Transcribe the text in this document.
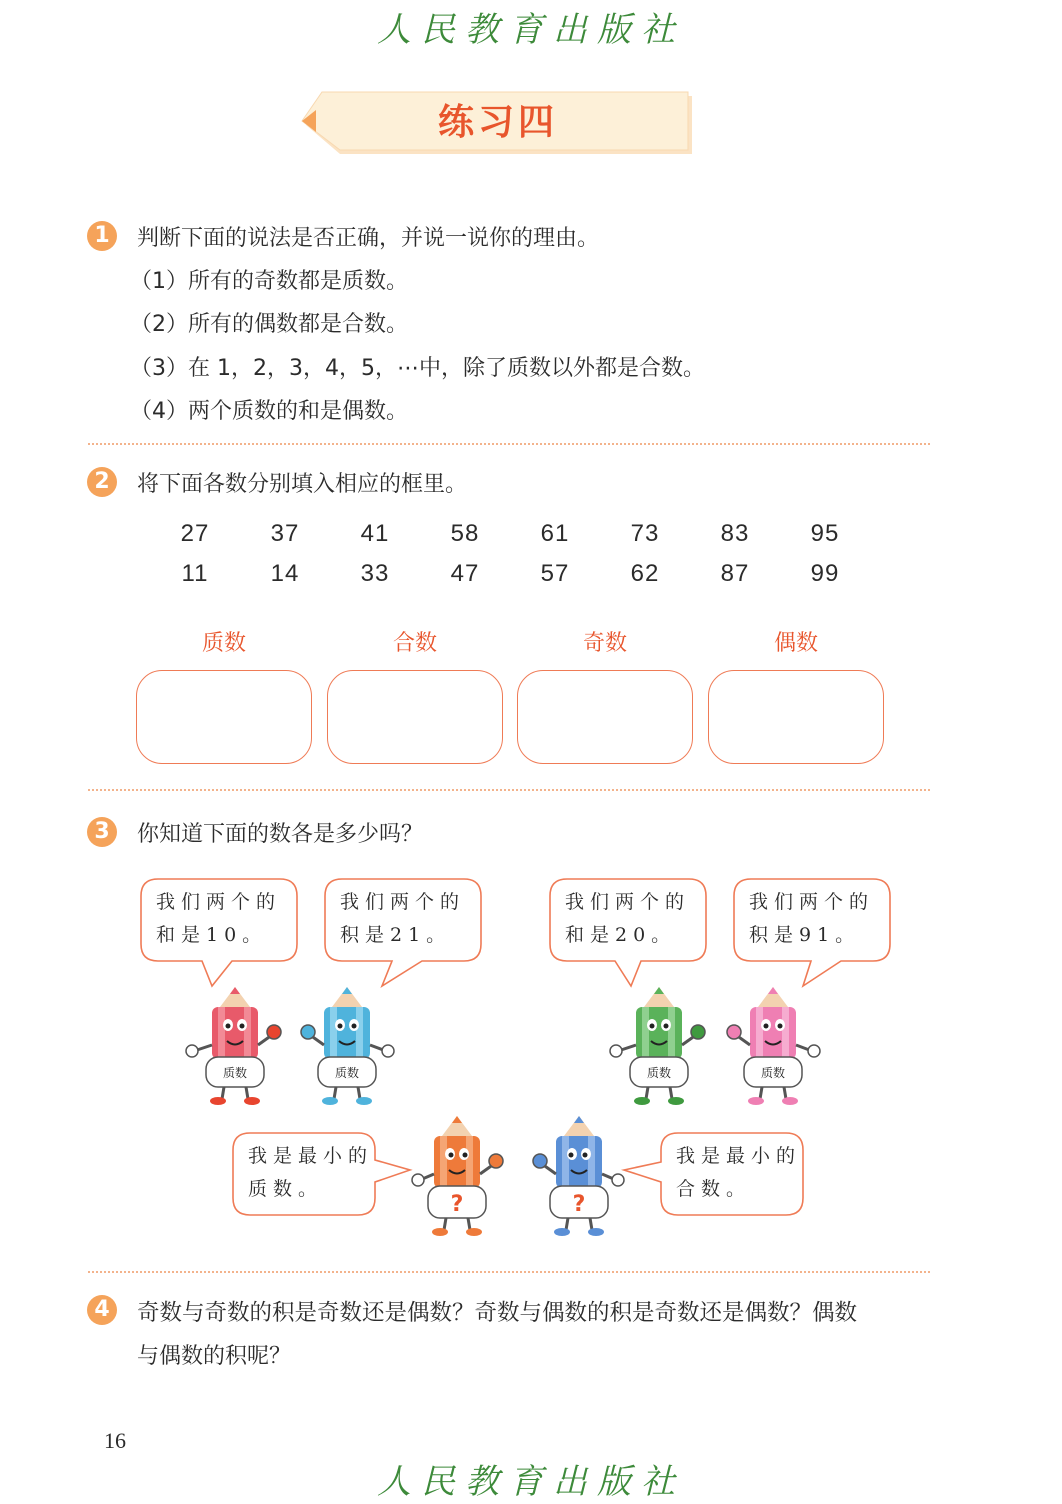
人民教育出版社
练习四
1	判断下面的说法是否正确，并说一说你的理由。
（1）所有的奇数都是质数。
（2）所有的偶数都是合数。
（3）在 1，2，3，4，5，⋯中，除了质数以外都是合数。
（4）两个质数的和是偶数。
2	将下面各数分别填入相应的框里。
27	37	41	58	61	73	83	95
11	14	33	47	57	62	87	99
质数	合数	奇数	偶数
3	你知道下面的数各是多少吗？
我们两个的
和是10。
我们两个的
积是21。
我们两个的
和是20。
我们两个的
积是91。
质数	质数	质数	质数
我是最小的
质数。
我是最小的
合数。
?	?
4	奇数与奇数的积是奇数还是偶数？奇数与偶数的积是奇数还是偶数？偶数
与偶数的积呢？
16
人民教育出版社
